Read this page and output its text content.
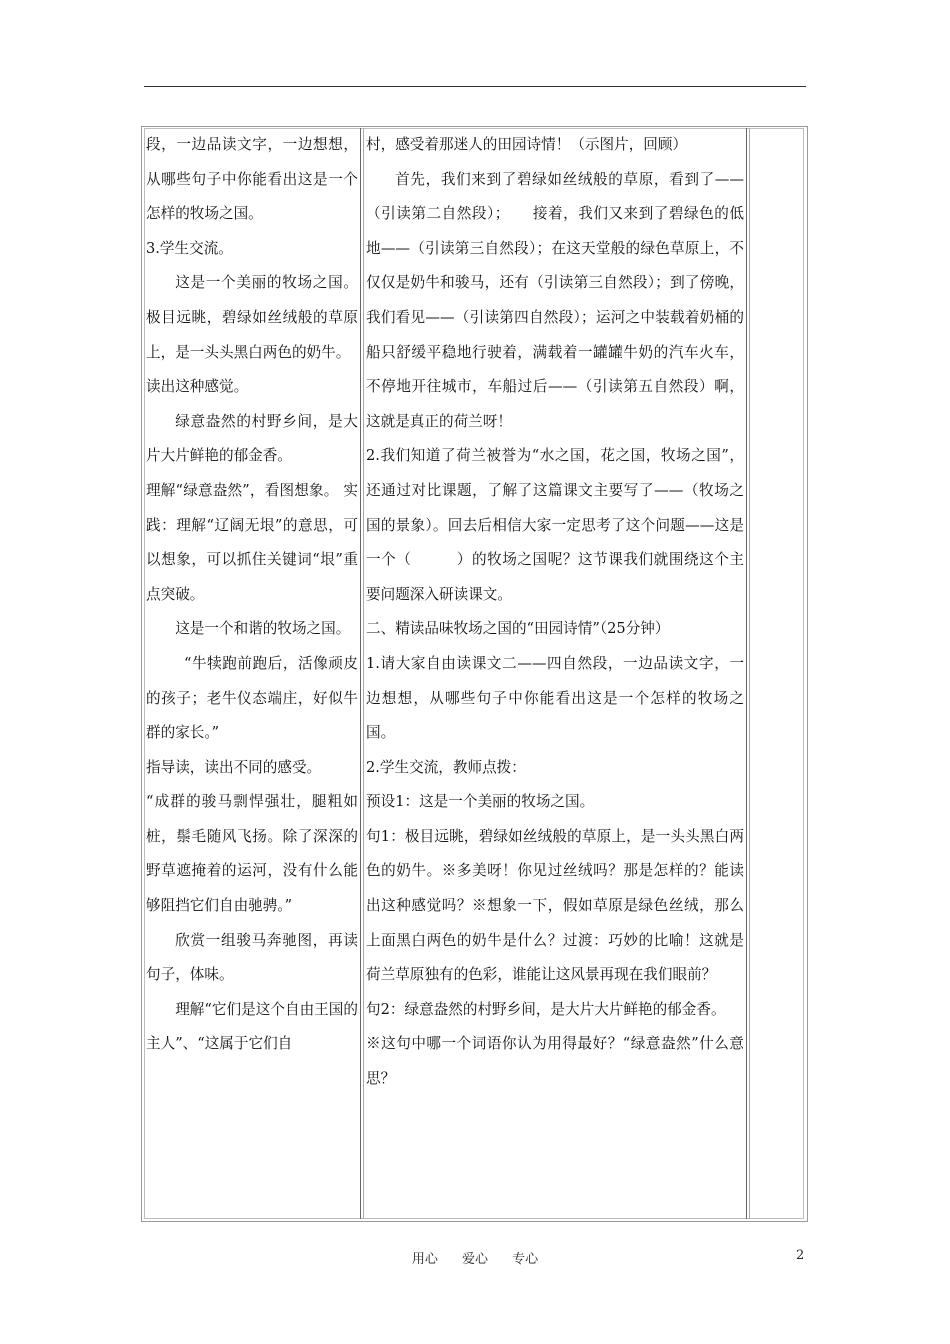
段，一边品读文字，一边想想，从哪些句子中你能看出这是一个怎样的牧场之国。

3.学生交流。

这是一个美丽的牧场之国。极目远眺，碧绿如丝绒般的草原上，是一头头黑白两色的奶牛。

读出这种感觉。

绿意盎然的村野乡间，是大片大片鲜艳的郁金香。

理解“绿意盎然”，看图想象。 实践：理解“辽阔无垠”的意思，可以想象，可以抓住关键词“垠”重点突破。

这是一个和谐的牧场之国。

“牛犊跑前跑后，活像顽皮的孩子；老牛仪态端庄，好似牛群的家长。”

指导读，读出不同的感受。

“成群的骏马剽悍强壮，腿粗如桩，鬃毛随风飞扬。除了深深的野草遮掩着的运河，没有什么能够阻挡它们自由驰骋。”

欣赏一组骏马奔驰图，再读句子，体味。

理解“它们是这个自由王国的主人”、“这属于它们自

村，感受着那迷人的田园诗情！（示图片，回顾）

首先，我们来到了碧绿如丝绒般的草原，看到了——（引读第二自然段）；　　接着，我们又来到了碧绿色的低地——（引读第三自然段）；在这天堂般的绿色草原上，不仅仅是奶牛和骏马，还有（引读第三自然段）；到了傍晚，我们看见——（引读第四自然段）；运河之中装载着奶桶的船只舒缓平稳地行驶着，满载着一罐罐牛奶的汽车火车，不停地开往城市，车船过后——（引读第五自然段）啊，这就是真正的荷兰呀！

2.我们知道了荷兰被誉为“水之国，花之国，牧场之国”，还通过对比课题，了解了这篇课文主要写了——（牧场之国的景象）。回去后相信大家一定思考了这个问题——这是一个（　　　）的牧场之国呢？这节课我们就围绕这个主要问题深入研读课文。

二、精读品味牧场之国的“田园诗情”（25分钟）

1.请大家自由读课文二——四自然段，一边品读文字，一边想想，从哪些句子中你能看出这是一个怎样的牧场之国。

2.学生交流，教师点拨：

预设1：这是一个美丽的牧场之国。

句1：极目远眺，碧绿如丝绒般的草原上，是一头头黑白两色的奶牛。※多美呀！你见过丝绒吗？那是怎样的？能读出这种感觉吗？※想象一下，假如草原是绿色丝绒，那么上面黑白两色的奶牛是什么？过渡：巧妙的比喻！这就是荷兰草原独有的色彩，谁能让这风景再现在我们眼前？

句2：绿意盎然的村野乡间，是大片大片鲜艳的郁金香。

※这句中哪一个词语你认为用得最好？“绿意盎然”什么意思？

用心 爱心 专心	2
